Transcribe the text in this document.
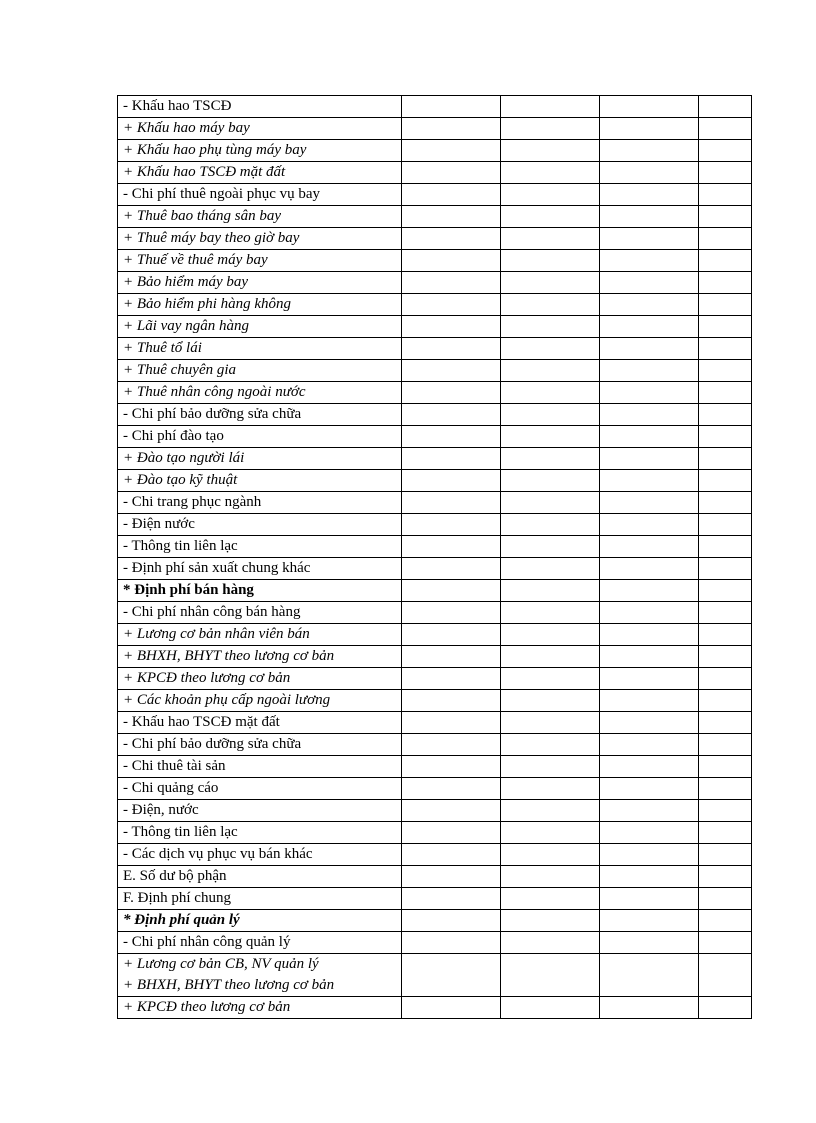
- Khấu hao TSCĐ				
+ Khấu hao máy bay				
+ Khấu hao phụ tùng máy bay				
+ Khấu hao TSCĐ mặt đất				
- Chi phí thuê ngoài phục vụ bay				
+ Thuê bao tháng sân bay				
+ Thuê máy bay theo giờ bay				
+ Thuế về thuê máy bay				
+ Bảo hiểm máy bay				
+ Bảo hiểm phi hàng không				
+ Lãi vay ngân hàng				
+ Thuê tổ lái				
+ Thuê chuyên gia				
+ Thuê nhân công ngoài nước				
- Chi phí bảo dưỡng sửa chữa				
- Chi phí đào tạo				
+ Đào tạo người lái				
+ Đào tạo kỹ thuật				
- Chi trang phục ngành				
- Điện nước				
- Thông tin liên lạc				
- Định phí sản xuất chung khác				
* Định phí bán hàng				
- Chi phí nhân công bán hàng				
+ Lương cơ bản nhân viên bán				
+ BHXH, BHYT theo lương cơ bản				
+ KPCĐ theo lương cơ bản				
+ Các khoản phụ cấp ngoài lương				
- Khấu hao TSCĐ mặt đất				
- Chi phí bảo dưỡng sửa chữa				
- Chi thuê tài sản				
- Chi quảng cáo				
- Điện, nước				
- Thông tin liên lạc				
- Các dịch vụ phục vụ bán khác				
E. Số dư bộ phận				
F. Định phí chung				
* Định phí quản lý				
- Chi phí nhân công quản lý				
+ Lương cơ bản CB, NV quản lý				
+ BHXH, BHYT theo lương cơ bản				
+ KPCĐ theo lương cơ bản				
